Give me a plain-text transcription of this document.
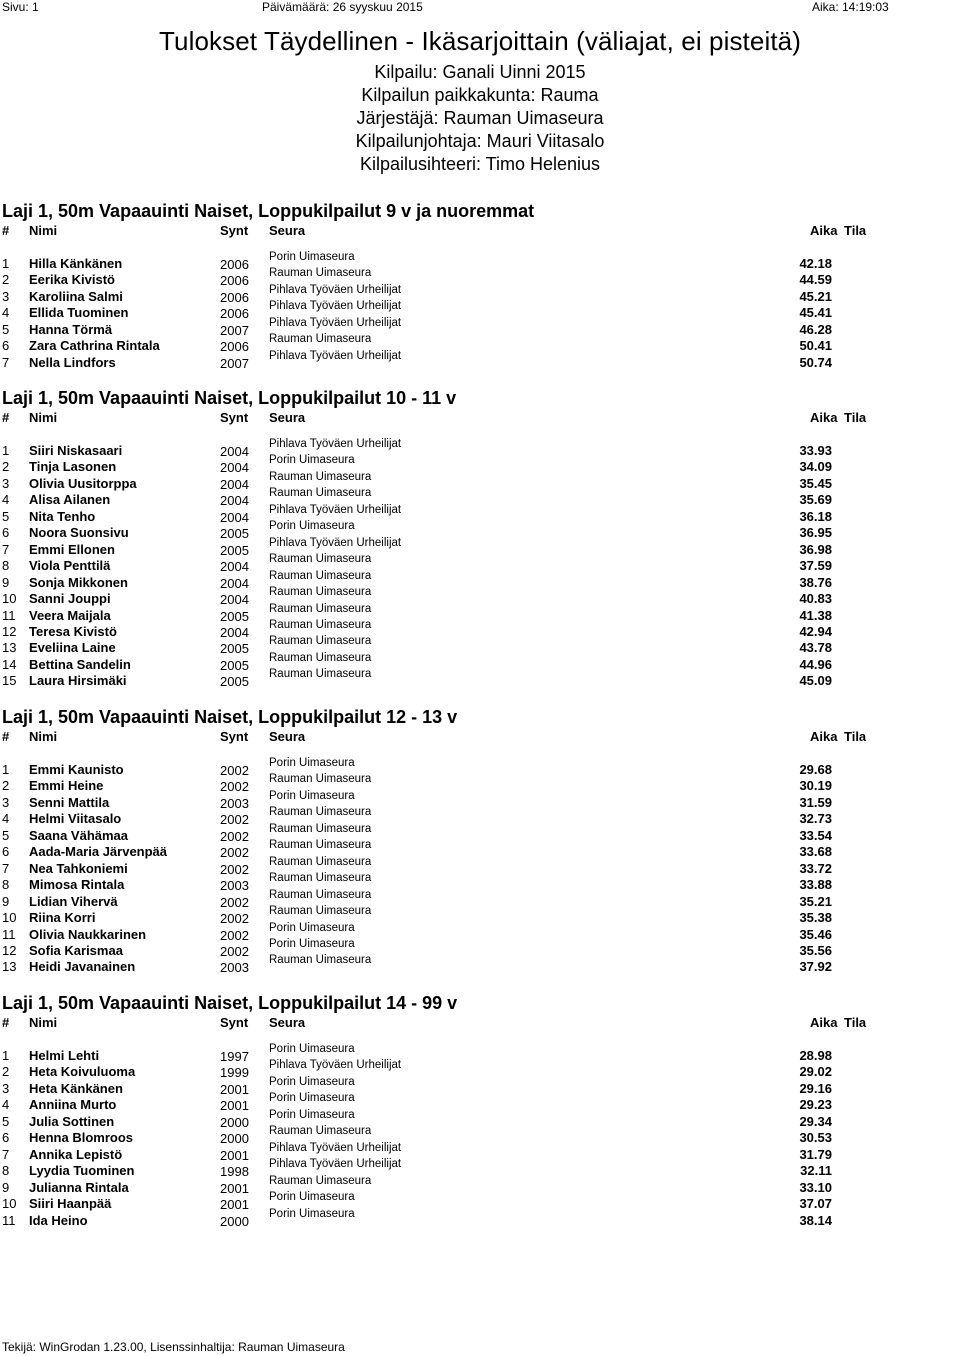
Sivu: 1	Päivämäärä: 26 syyskuu 2015	Aika: 14:19:03
Tulokset Täydellinen - Ikäsarjoittain (väliajat, ei pisteitä)
Kilpailu: Ganali Uinni 2015
Kilpailun paikkakunta: Rauma
Järjestäjä: Rauman Uimaseura
Kilpailunjohtaja: Mauri Viitasalo
Kilpailusihteeri: Timo Helenius
Laji 1, 50m Vapaauinti Naiset, Loppukilpailut 9 v ja nuoremmat
# Nimi	Synt Seura	Aika Tila
1 Hilla Känkänen	2006 Porin Uimaseura	42.18
2 Eerika Kivistö	2006 Rauman Uimaseura	44.59
3 Karoliina Salmi	2006 Pihlava Työväen Urheilijat	45.21
4 Ellida Tuominen	2006 Pihlava Työväen Urheilijat	45.41
5 Hanna Törmä	2007 Pihlava Työväen Urheilijat	46.28
6 Zara Cathrina Rintala	2006 Rauman Uimaseura	50.41
7 Nella Lindfors	2007 Pihlava Työväen Urheilijat	50.74
Laji 1, 50m Vapaauinti Naiset, Loppukilpailut 10 - 11 v
# Nimi	Synt Seura	Aika Tila
1 Siiri Niskasaari	2004 Pihlava Työväen Urheilijat	33.93
2 Tinja Lasonen	2004 Porin Uimaseura	34.09
3 Olivia Uusitorppa	2004 Rauman Uimaseura	35.45
4 Alisa Ailanen	2004 Rauman Uimaseura	35.69
5 Nita Tenho	2004 Pihlava Työväen Urheilijat	36.18
6 Noora Suonsivu	2005 Porin Uimaseura	36.95
7 Emmi Ellonen	2005 Pihlava Työväen Urheilijat	36.98
8 Viola Penttilä	2004 Rauman Uimaseura	37.59
9 Sonja Mikkonen	2004 Rauman Uimaseura	38.76
10 Sanni Jouppi	2004 Rauman Uimaseura	40.83
11 Veera Maijala	2005 Rauman Uimaseura	41.38
12 Teresa Kivistö	2004 Rauman Uimaseura	42.94
13 Eveliina Laine	2005 Rauman Uimaseura	43.78
14 Bettina Sandelin	2005 Rauman Uimaseura	44.96
15 Laura Hirsimäki	2005 Rauman Uimaseura	45.09
Laji 1, 50m Vapaauinti Naiset, Loppukilpailut 12 - 13 v
# Nimi	Synt Seura	Aika Tila
1 Emmi Kaunisto	2002 Porin Uimaseura	29.68
2 Emmi Heine	2002 Rauman Uimaseura	30.19
3 Senni Mattila	2003 Porin Uimaseura	31.59
4 Helmi Viitasalo	2002 Rauman Uimaseura	32.73
5 Saana Vähämaa	2002 Rauman Uimaseura	33.54
6 Aada-Maria Järvenpää	2002 Rauman Uimaseura	33.68
7 Nea Tahkoniemi	2002 Rauman Uimaseura	33.72
8 Mimosa Rintala	2003 Rauman Uimaseura	33.88
9 Lidian Vihervä	2002 Rauman Uimaseura	35.21
10 Riina Korri	2002 Rauman Uimaseura	35.38
11 Olivia Naukkarinen	2002 Porin Uimaseura	35.46
12 Sofia Karismaa	2002 Porin Uimaseura	35.56
13 Heidi Javanainen	2003 Rauman Uimaseura	37.92
Laji 1, 50m Vapaauinti Naiset, Loppukilpailut 14 - 99 v
# Nimi	Synt Seura	Aika Tila
1 Helmi Lehti	1997 Porin Uimaseura	28.98
2 Heta Koivuluoma	1999 Pihlava Työväen Urheilijat	29.02
3 Heta Känkänen	2001 Porin Uimaseura	29.16
4 Anniina Murto	2001 Porin Uimaseura	29.23
5 Julia Sottinen	2000 Porin Uimaseura	29.34
6 Henna Blomroos	2000 Rauman Uimaseura	30.53
7 Annika Lepistö	2001 Pihlava Työväen Urheilijat	31.79
8 Lyydia Tuominen	1998 Pihlava Työväen Urheilijat	32.11
9 Julianna Rintala	2001 Rauman Uimaseura	33.10
10 Siiri Haanpää	2001 Porin Uimaseura	37.07
11 Ida Heino	2000 Porin Uimaseura	38.14
Tekijä: WinGrodan 1.23.00, Lisenssinhaltija: Rauman Uimaseura
